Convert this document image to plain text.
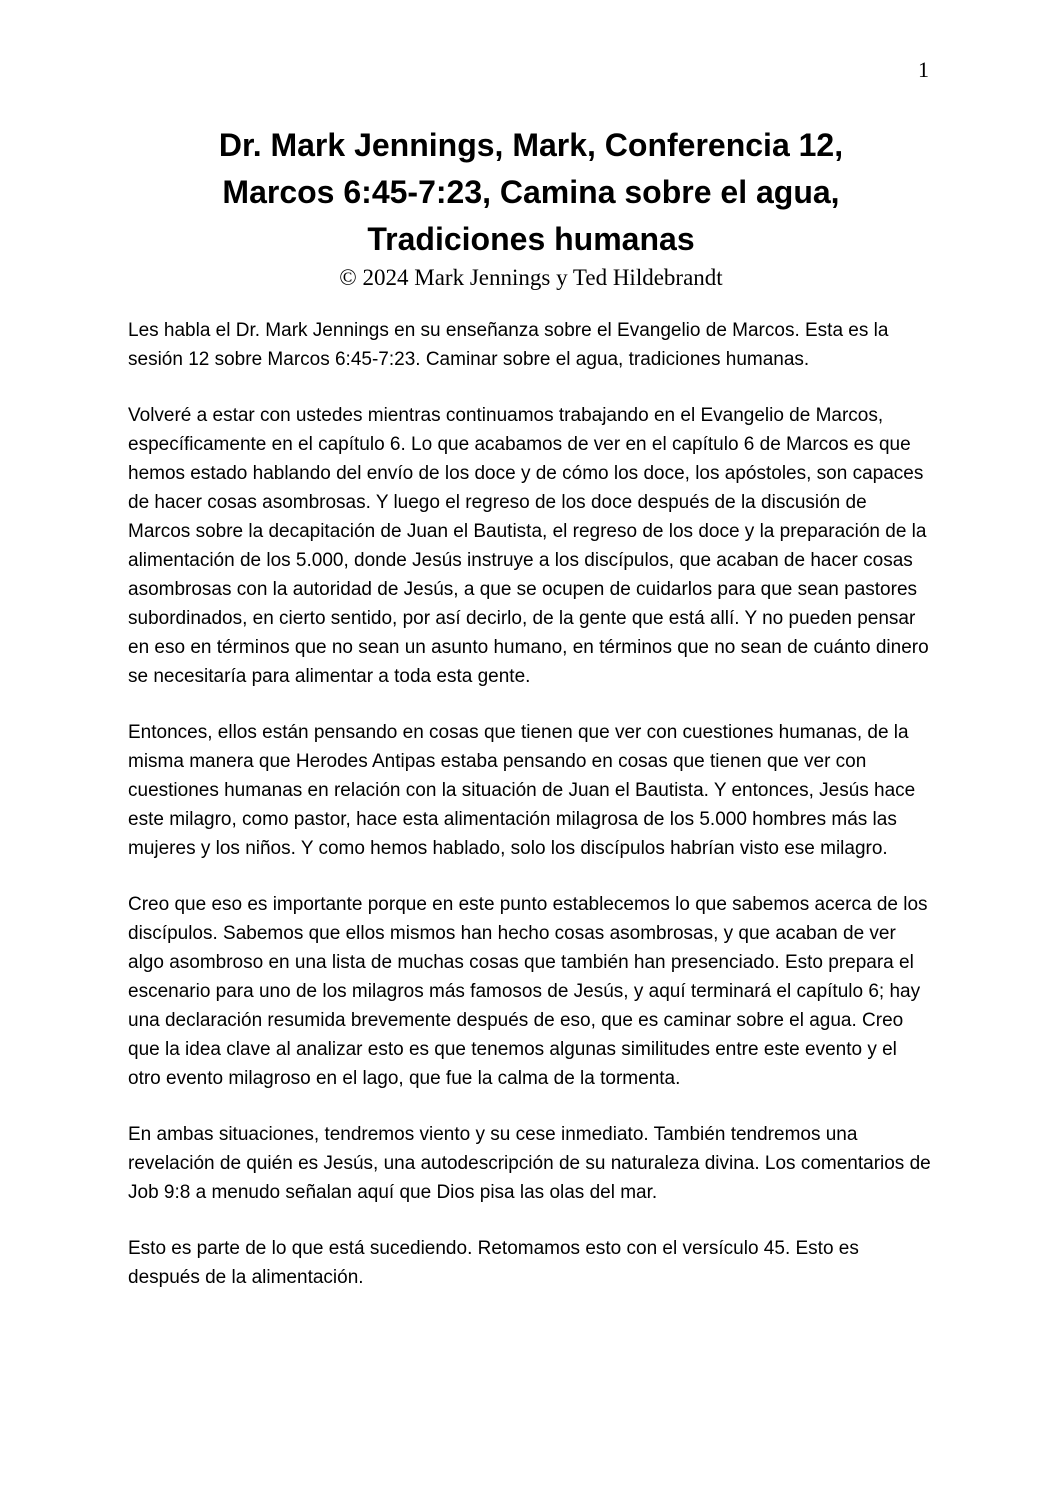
1
Dr. Mark Jennings, Mark, Conferencia 12,
Marcos 6:45-7:23, Camina sobre el agua,
Tradiciones humanas
© 2024 Mark Jennings y Ted Hildebrandt

Les habla el Dr. Mark Jennings en su enseñanza sobre el Evangelio de Marcos. Esta es la sesión 12 sobre Marcos 6:45-7:23. Caminar sobre el agua, tradiciones humanas.

Volveré a estar con ustedes mientras continuamos trabajando en el Evangelio de Marcos, específicamente en el capítulo 6. Lo que acabamos de ver en el capítulo 6 de Marcos es que hemos estado hablando del envío de los doce y de cómo los doce, los apóstoles, son capaces de hacer cosas asombrosas. Y luego el regreso de los doce después de la discusión de Marcos sobre la decapitación de Juan el Bautista, el regreso de los doce y la preparación de la alimentación de los 5.000, donde Jesús instruye a los discípulos, que acaban de hacer cosas asombrosas con la autoridad de Jesús, a que se ocupen de cuidarlos para que sean pastores subordinados, en cierto sentido, por así decirlo, de la gente que está allí. Y no pueden pensar en eso en términos que no sean un asunto humano, en términos que no sean de cuánto dinero se necesitaría para alimentar a toda esta gente.

Entonces, ellos están pensando en cosas que tienen que ver con cuestiones humanas, de la misma manera que Herodes Antipas estaba pensando en cosas que tienen que ver con cuestiones humanas en relación con la situación de Juan el Bautista. Y entonces, Jesús hace este milagro, como pastor, hace esta alimentación milagrosa de los 5.000 hombres más las mujeres y los niños. Y como hemos hablado, solo los discípulos habrían visto ese milagro.

Creo que eso es importante porque en este punto establecemos lo que sabemos acerca de los discípulos. Sabemos que ellos mismos han hecho cosas asombrosas, y que acaban de ver algo asombroso en una lista de muchas cosas que también han presenciado. Esto prepara el escenario para uno de los milagros más famosos de Jesús, y aquí terminará el capítulo 6; hay una declaración resumida brevemente después de eso, que es caminar sobre el agua. Creo que la idea clave al analizar esto es que tenemos algunas similitudes entre este evento y el otro evento milagroso en el lago, que fue la calma de la tormenta.

En ambas situaciones, tendremos viento y su cese inmediato. También tendremos una revelación de quién es Jesús, una autodescripción de su naturaleza divina. Los comentarios de Job 9:8 a menudo señalan aquí que Dios pisa las olas del mar.

Esto es parte de lo que está sucediendo. Retomamos esto con el versículo 45. Esto es después de la alimentación.
